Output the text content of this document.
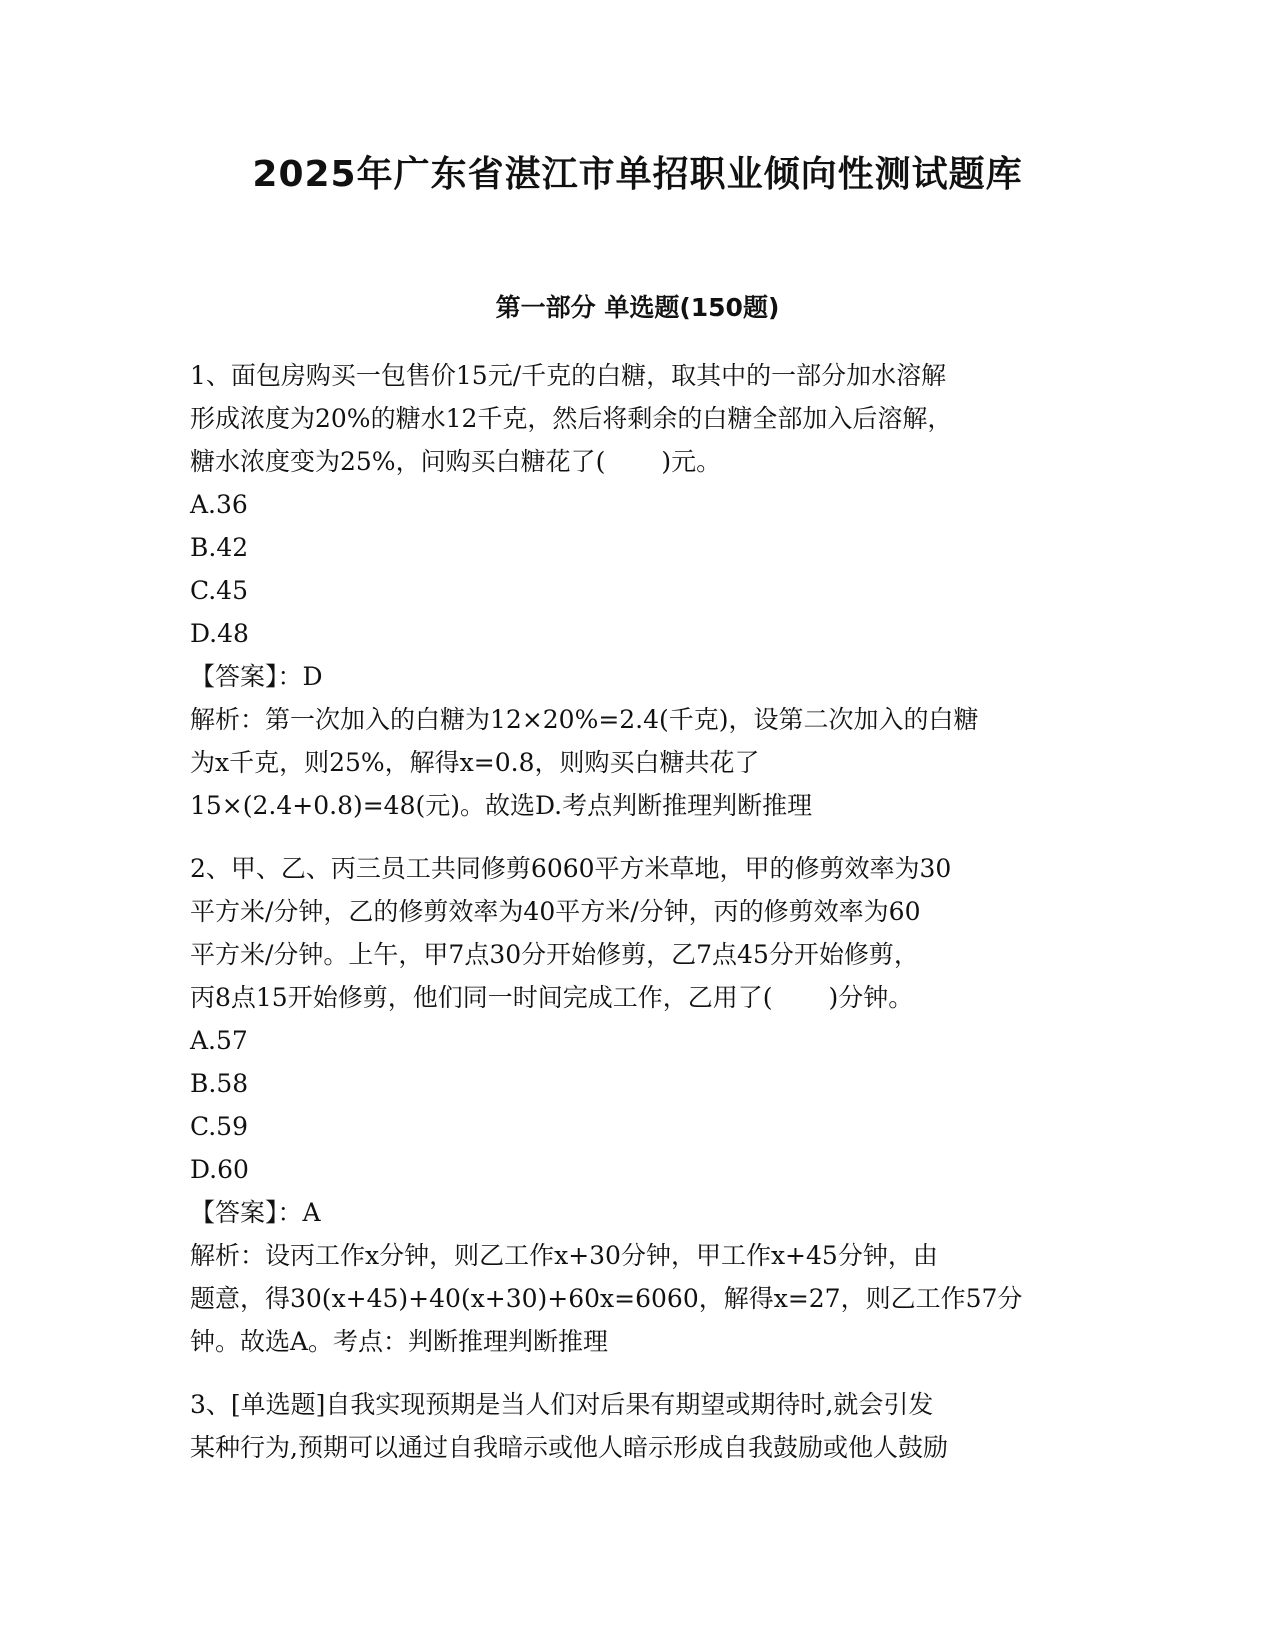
2025年广东省湛江市单招职业倾向性测试题库
第一部分 单选题(150题)

1、面包房购买一包售价15元/千克的白糖，取其中的一部分加水溶解

形成浓度为20%的糖水12千克，然后将剩余的白糖全部加入后溶解，

糖水浓度变为25%，问购买白糖花了( )元。

A.36

B.42

C.45

D.48

【答案】：D

解析：第一次加入的白糖为12×20%=2.4(千克)，设第二次加入的白糖

为x千克，则25%，解得x=0.8，则购买白糖共花了

15×(2.4+0.8)=48(元)。故选D.考点判断推理判断推理

2、甲、乙、丙三员工共同修剪6060平方米草地，甲的修剪效率为30

平方米/分钟，乙的修剪效率为40平方米/分钟，丙的修剪效率为60

平方米/分钟。上午，甲7点30分开始修剪，乙7点45分开始修剪，

丙8点15开始修剪，他们同一时间完成工作，乙用了( )分钟。

A.57

B.58

C.59

D.60

【答案】：A

解析：设丙工作x分钟，则乙工作x+30分钟，甲工作x+45分钟，由

题意，得30(x+45)+40(x+30)+60x=6060，解得x=27，则乙工作57分

钟。故选A。考点：判断推理判断推理

3、[单选题]自我实现预期是当人们对后果有期望或期待时,就会引发

某种行为,预期可以通过自我暗示或他人暗示形成自我鼓励或他人鼓励
